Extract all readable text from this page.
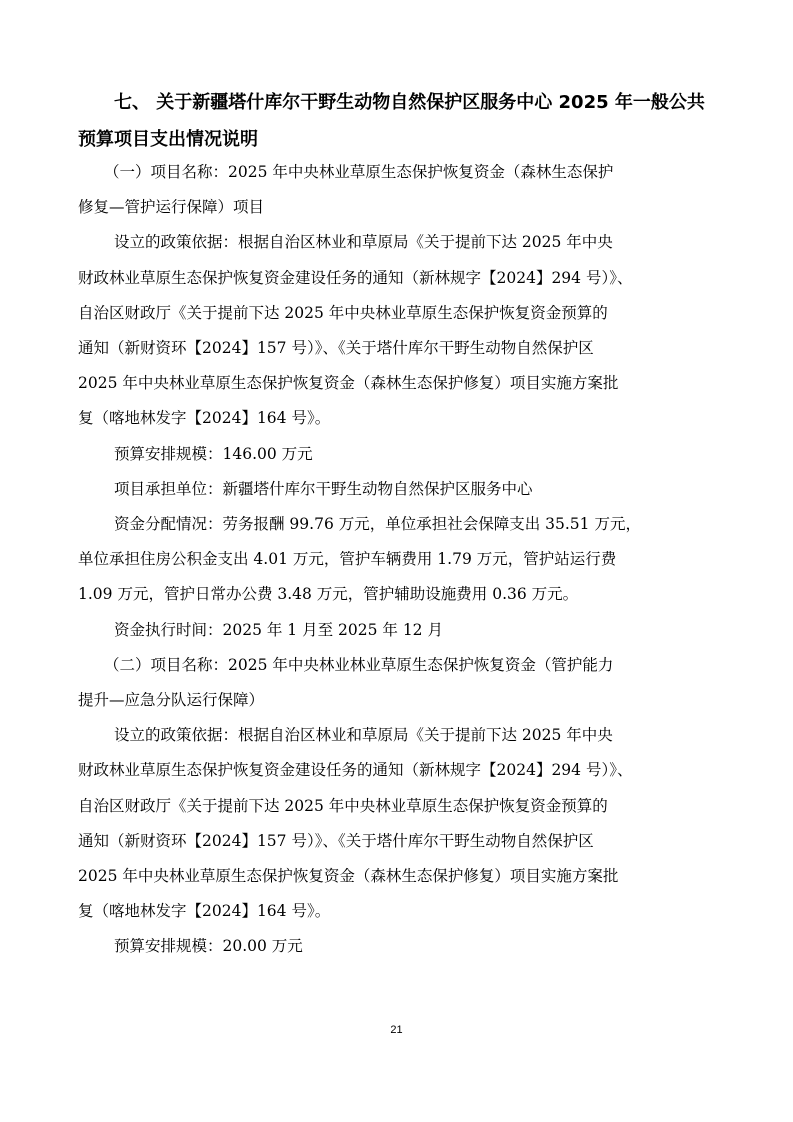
七、 关于新疆塔什库尔干野生动物自然保护区服务中心 2025 年一般公共
预算项目支出情况说明

（一）项目名称：2025 年中央林业草原生态保护恢复资金（森林生态保护
修复—管护运行保障）项目

设立的政策依据：根据自治区林业和草原局《关于提前下达 2025 年中央
财政林业草原生态保护恢复资金建设任务的通知（新林规字【2024】294 号）》、
自治区财政厅《关于提前下达 2025 年中央林业草原生态保护恢复资金预算的
通知（新财资环【2024】157 号）》、《关于塔什库尔干野生动物自然保护区
2025 年中央林业草原生态保护恢复资金（森林生态保护修复）项目实施方案批
复（喀地林发字【2024】164 号》。

预算安排规模：146.00 万元

项目承担单位：新疆塔什库尔干野生动物自然保护区服务中心

资金分配情况：劳务报酬 99.76 万元，单位承担社会保障支出 35.51 万元，
单位承担住房公积金支出 4.01 万元，管护车辆费用 1.79 万元，管护站运行费
1.09 万元，管护日常办公费 3.48 万元，管护辅助设施费用 0.36 万元。

资金执行时间：2025 年 1 月至 2025 年 12 月

（二）项目名称：2025 年中央林业林业草原生态保护恢复资金（管护能力
提升—应急分队运行保障）

设立的政策依据：根据自治区林业和草原局《关于提前下达 2025 年中央
财政林业草原生态保护恢复资金建设任务的通知（新林规字【2024】294 号）》、
自治区财政厅《关于提前下达 2025 年中央林业草原生态保护恢复资金预算的
通知（新财资环【2024】157 号）》、《关于塔什库尔干野生动物自然保护区
2025 年中央林业草原生态保护恢复资金（森林生态保护修复）项目实施方案批
复（喀地林发字【2024】164 号》。

预算安排规模：20.00 万元

21
